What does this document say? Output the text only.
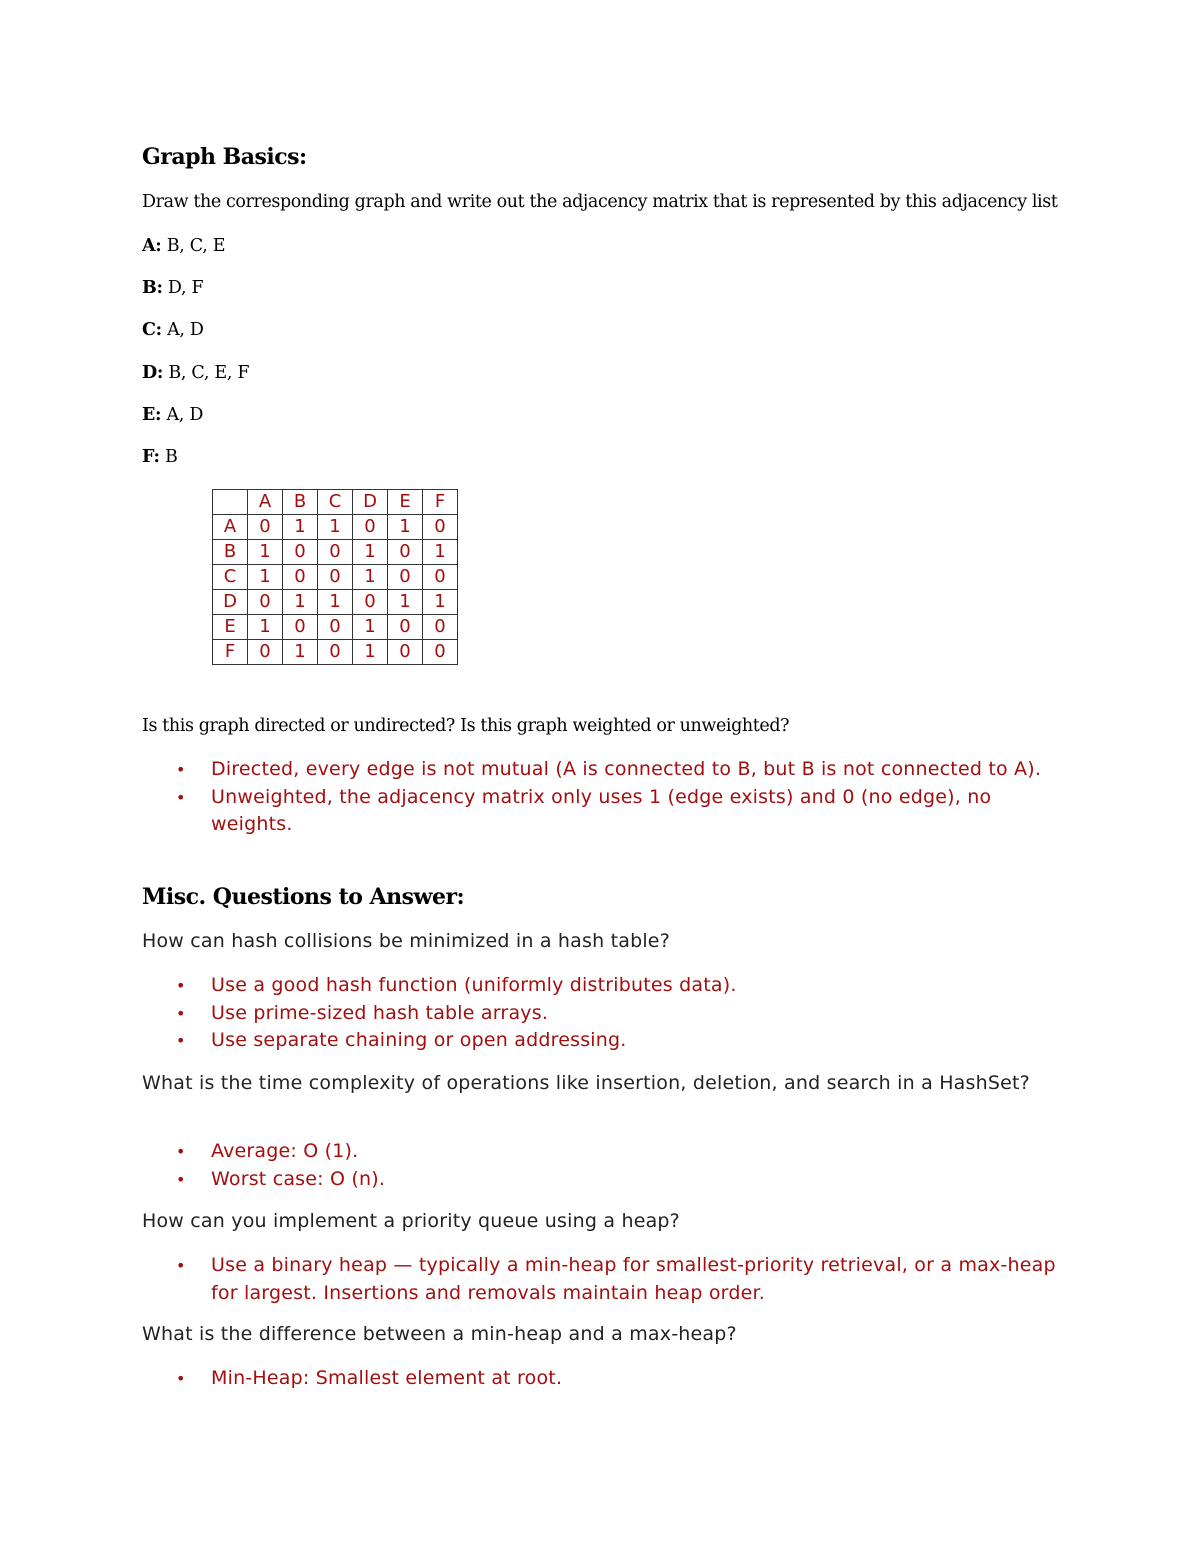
Graph Basics:

Draw the corresponding graph and write out the adjacency matrix that is represented by this adjacency list

A: B, C, E

B: D, F

C: A, D

D: B, C, E, F

E: A, D

F: B

	A	B	C	D	E	F
A	0	1	1	0	1	0
B	1	0	0	1	0	1
C	1	0	0	1	0	0
D	0	1	1	0	1	1
E	1	0	0	1	0	0
F	0	1	0	1	0	0

Is this graph directed or undirected? Is this graph weighted or unweighted?

• Directed, every edge is not mutual (A is connected to B, but B is not connected to A).
• Unweighted, the adjacency matrix only uses 1 (edge exists) and 0 (no edge), no weights.
Misc. Questions to Answer:

How can hash collisions be minimized in a hash table?

• Use a good hash function (uniformly distributes data).
• Use prime-sized hash table arrays.
• Use separate chaining or open addressing.

What is the time complexity of operations like insertion, deletion, and search in a HashSet?

• Average: O (1).
• Worst case: O (n).

How can you implement a priority queue using a heap?

• Use a binary heap — typically a min-heap for smallest-priority retrieval, or a max-heap for largest. Insertions and removals maintain heap order.

What is the difference between a min-heap and a max-heap?

• Min-Heap: Smallest element at root.
